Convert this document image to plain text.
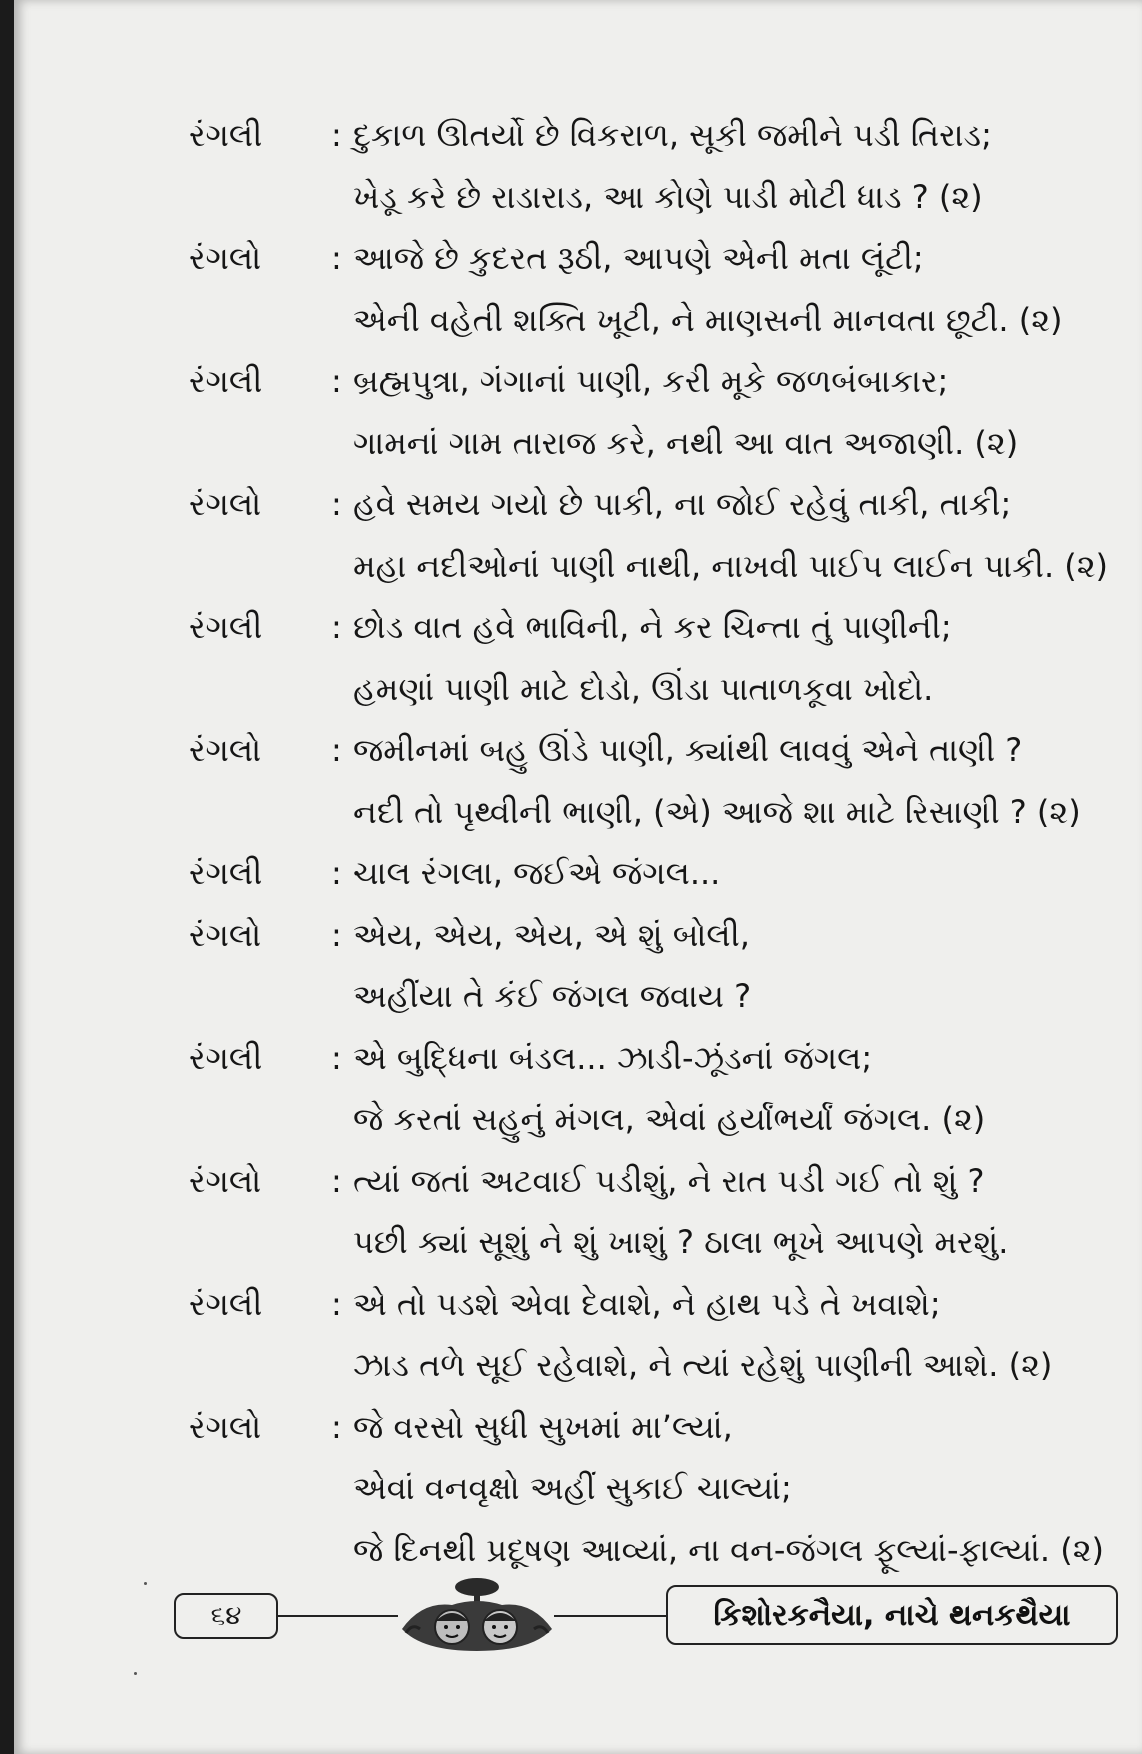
રંગલી : દુકાળ ઊતર્યો છે વિકરાળ, સૂકી જમીને પડી તિરાડ;
ખેડૂ કરે છે રાડારાડ, આ કોણે પાડી મોટી ધાડ ? (૨)
રંગલો : આજે છે કુદરત રૂઠી, આપણે એની મતા લૂંટી;
એની વહેતી શક્તિ ખૂટી, ને માણસની માનવતા છૂટી. (૨)
રંગલી : બ્રહ્મપુત્રા, ગંગાનાં પાણી, કરી મૂકે જળબંબાકાર;
ગામનાં ગામ તારાજ કરે, નથી આ વાત અજાણી. (૨)
રંગલો : હવે સમય ગયો છે પાકી, ના જોઈ રહેવું તાકી, તાકી;
મહા નદીઓનાં પાણી નાથી, નાખવી પાઈપ લાઈન પાકી. (૨)
રંગલી : છોડ વાત હવે ભાવિની, ને કર ચિન્તા તું પાણીની;
હમણાં પાણી માટે દોડો, ઊંડા પાતાળકૂવા ખોદો.
રંગલો : જમીનમાં બહુ ઊંડે પાણી, ક્યાંથી લાવવું એને તાણી ?
નદી તો પૃથ્વીની ભાણી, (એ) આજે શા માટે રિસાણી ? (૨)
રંગલી : ચાલ રંગલા, જઈએ જંગલ...
રંગલો : એય, એય, એય, એ શું બોલી,
અહીંયા તે કંઈ જંગલ જવાય ?
રંગલી : એ બુદ્ધિના બંડલ... ઝાડી-ઝૂંડનાં જંગલ;
જે કરતાં સહુનું મંગલ, એવાં હર્યાંભર્યાં જંગલ. (૨)
રંગલો : ત્યાં જતાં અટવાઈ પડીશું, ને રાત પડી ગઈ તો શું ?
પછી ક્યાં સૂશું ને શું ખાશું ? ઠાલા ભૂખે આપણે મરશું.
રંગલી : એ તો પડશે એવા દેવાશે, ને હાથ પડે તે ખવાશે;
ઝાડ તળે સૂઈ રહેવાશે, ને ત્યાં રહેશું પાણીની આશે. (૨)
રંગલો : જે વરસો સુધી સુખમાં મા’લ્યાં,
એવાં વનવૃક્ષો અહીં સુકાઈ ચાલ્યાં;
જે દિનથી પ્રદૂષણ આવ્યાં, ના વન-જંગલ ફૂલ્યાં-ફાલ્યાં. (૨)
૬૪	કિશોરકનૈયા, નાચે થનકથૈયા
